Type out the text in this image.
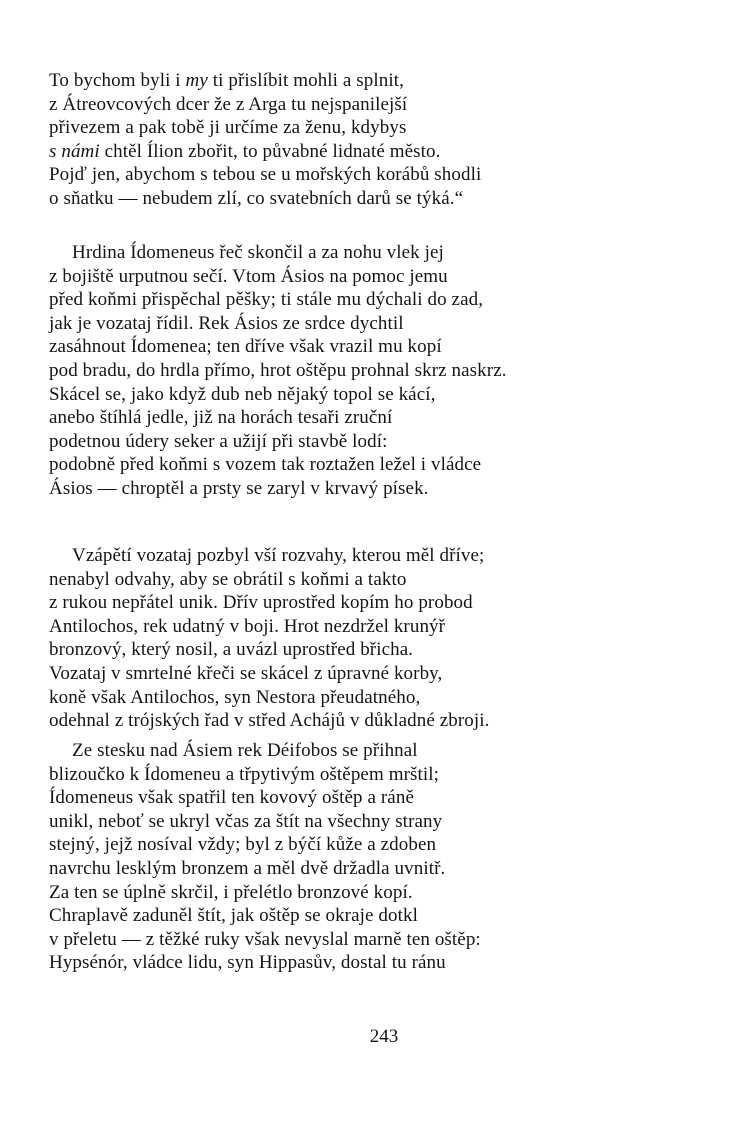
To bychom byli i my ti přislíbit mohli a splnit,
z Átreovcových dcer že z Arga tu nejspanilejší
přivezem a pak tobě ji určíme za ženu, kdybys
s námi chtěl Ílion zbořit, to půvabné lidnaté město.
Pojď jen, abychom s tebou se u mořských korábů shodli
o sňatku — nebudem zlí, co svatebních darů se týká.“
Hrdina Ídomeneus řeč skončil a za nohu vlek jej
z bojiště urputnou sečí. Vtom Ásios na pomoc jemu
před koňmi přispěchal pěšky; ti stále mu dýchali do zad,
jak je vozataj řídil. Rek Ásios ze srdce dychtil
zasáhnout Ídomenea; ten dříve však vrazil mu kopí
pod bradu, do hrdla přímo, hrot oštěpu prohnal skrz naskrz.
Skácel se, jako když dub neb nějaký topol se kácí,
anebo štíhlá jedle, již na horách tesaři zruční
podetnou údery seker a užijí při stavbě lodí:
podobně před koňmi s vozem tak roztažen ležel i vládce
Ásios — chroptěl a prsty se zaryl v krvavý písek.
Vzápětí vozataj pozbyl vší rozvahy, kterou měl dříve;
nenabyl odvahy, aby se obrátil s koňmi a takto
z rukou nepřátel unik. Dřív uprostřed kopím ho probod
Antilochos, rek udatný v boji. Hrot nezdržel krunýř
bronzový, který nosil, a uvázl uprostřed břicha.
Vozataj v smrtelné křeči se skácel z úpravné korby,
koně však Antilochos, syn Nestora přeudatného,
odehnal z trójských řad v střed Achájů v důkladné zbroji.
Ze stesku nad Ásiem rek Déifobos se přihnal
blizoučko k Ídomeneu a třpytivým oštěpem mrštil;
Ídomeneus však spatřil ten kovový oštěp a ráně
unikl, neboť se ukryl včas za štít na všechny strany
stejný, jejž nosíval vždy; byl z býčí kůže a zdoben
navrchu lesklým bronzem a měl dvě držadla uvnitř.
Za ten se úplně skrčil, i přelétlo bronzové kopí.
Chraplavě zaduněl štít, jak oštěp se okraje dotkl
v přeletu — z těžké ruky však nevyslal marně ten oštěp:
Hypsénór, vládce lidu, syn Hippasův, dostal tu ránu
243
